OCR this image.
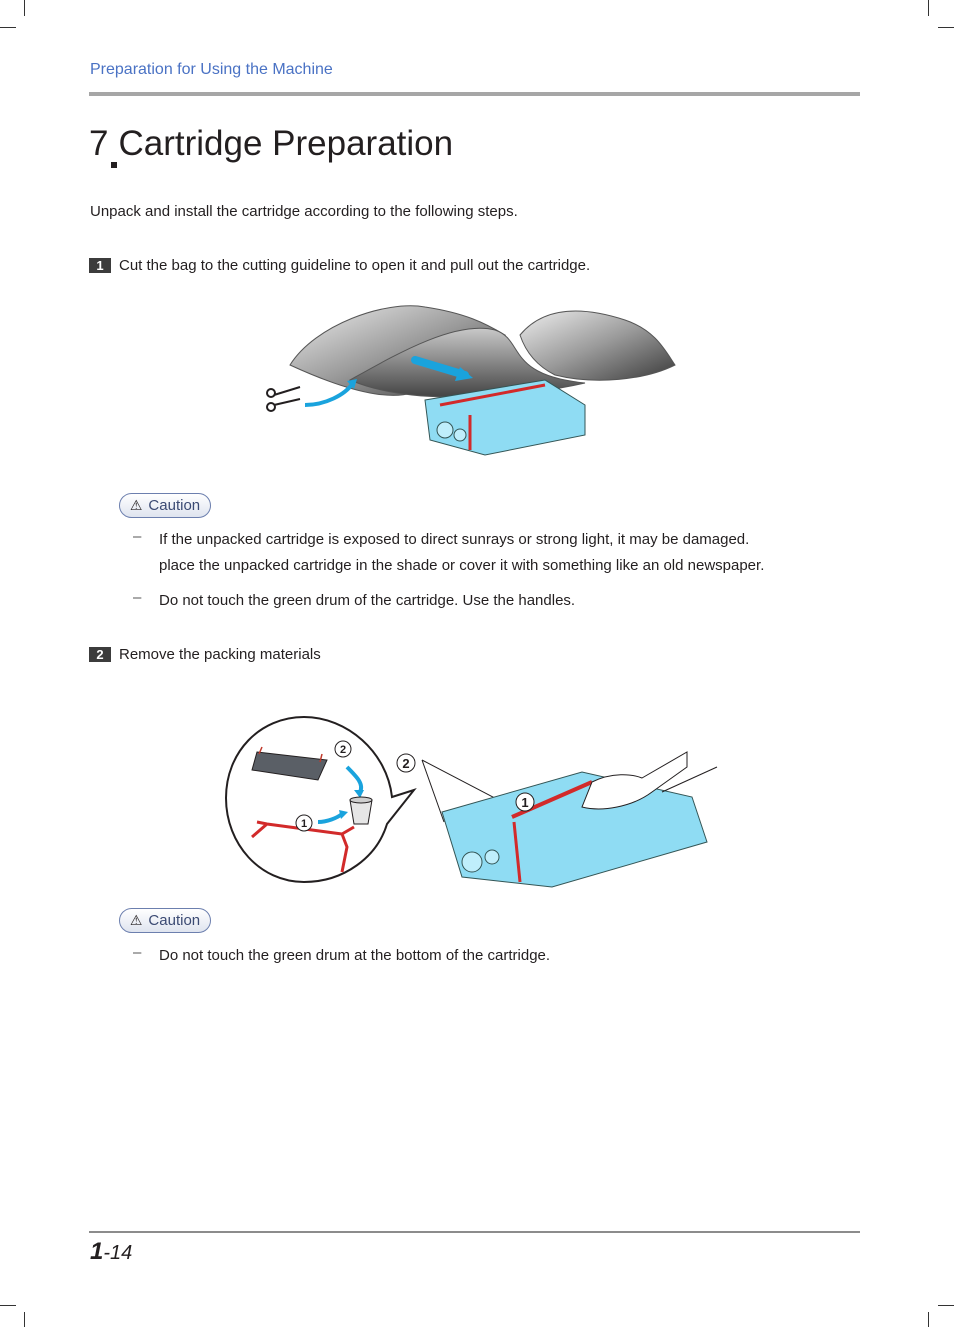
Preparation for Using the Machine
7 Cartridge Preparation
Unpack and install the cartridge according to the following steps.
1	Cut the bag to the cutting guideline to open it and pull out the cartridge.
⚠ Caution
– If the unpacked cartridge is exposed to direct sunrays or strong light, it may be damaged.
place the unpacked cartridge in the shade or cover it with something like an old newspaper.
– Do not touch the green drum of the cartridge. Use the handles.
2	Remove the packing materials
2
1
2
1
⚠ Caution
– Do not touch the green drum at the bottom of the cartridge.
1-14
